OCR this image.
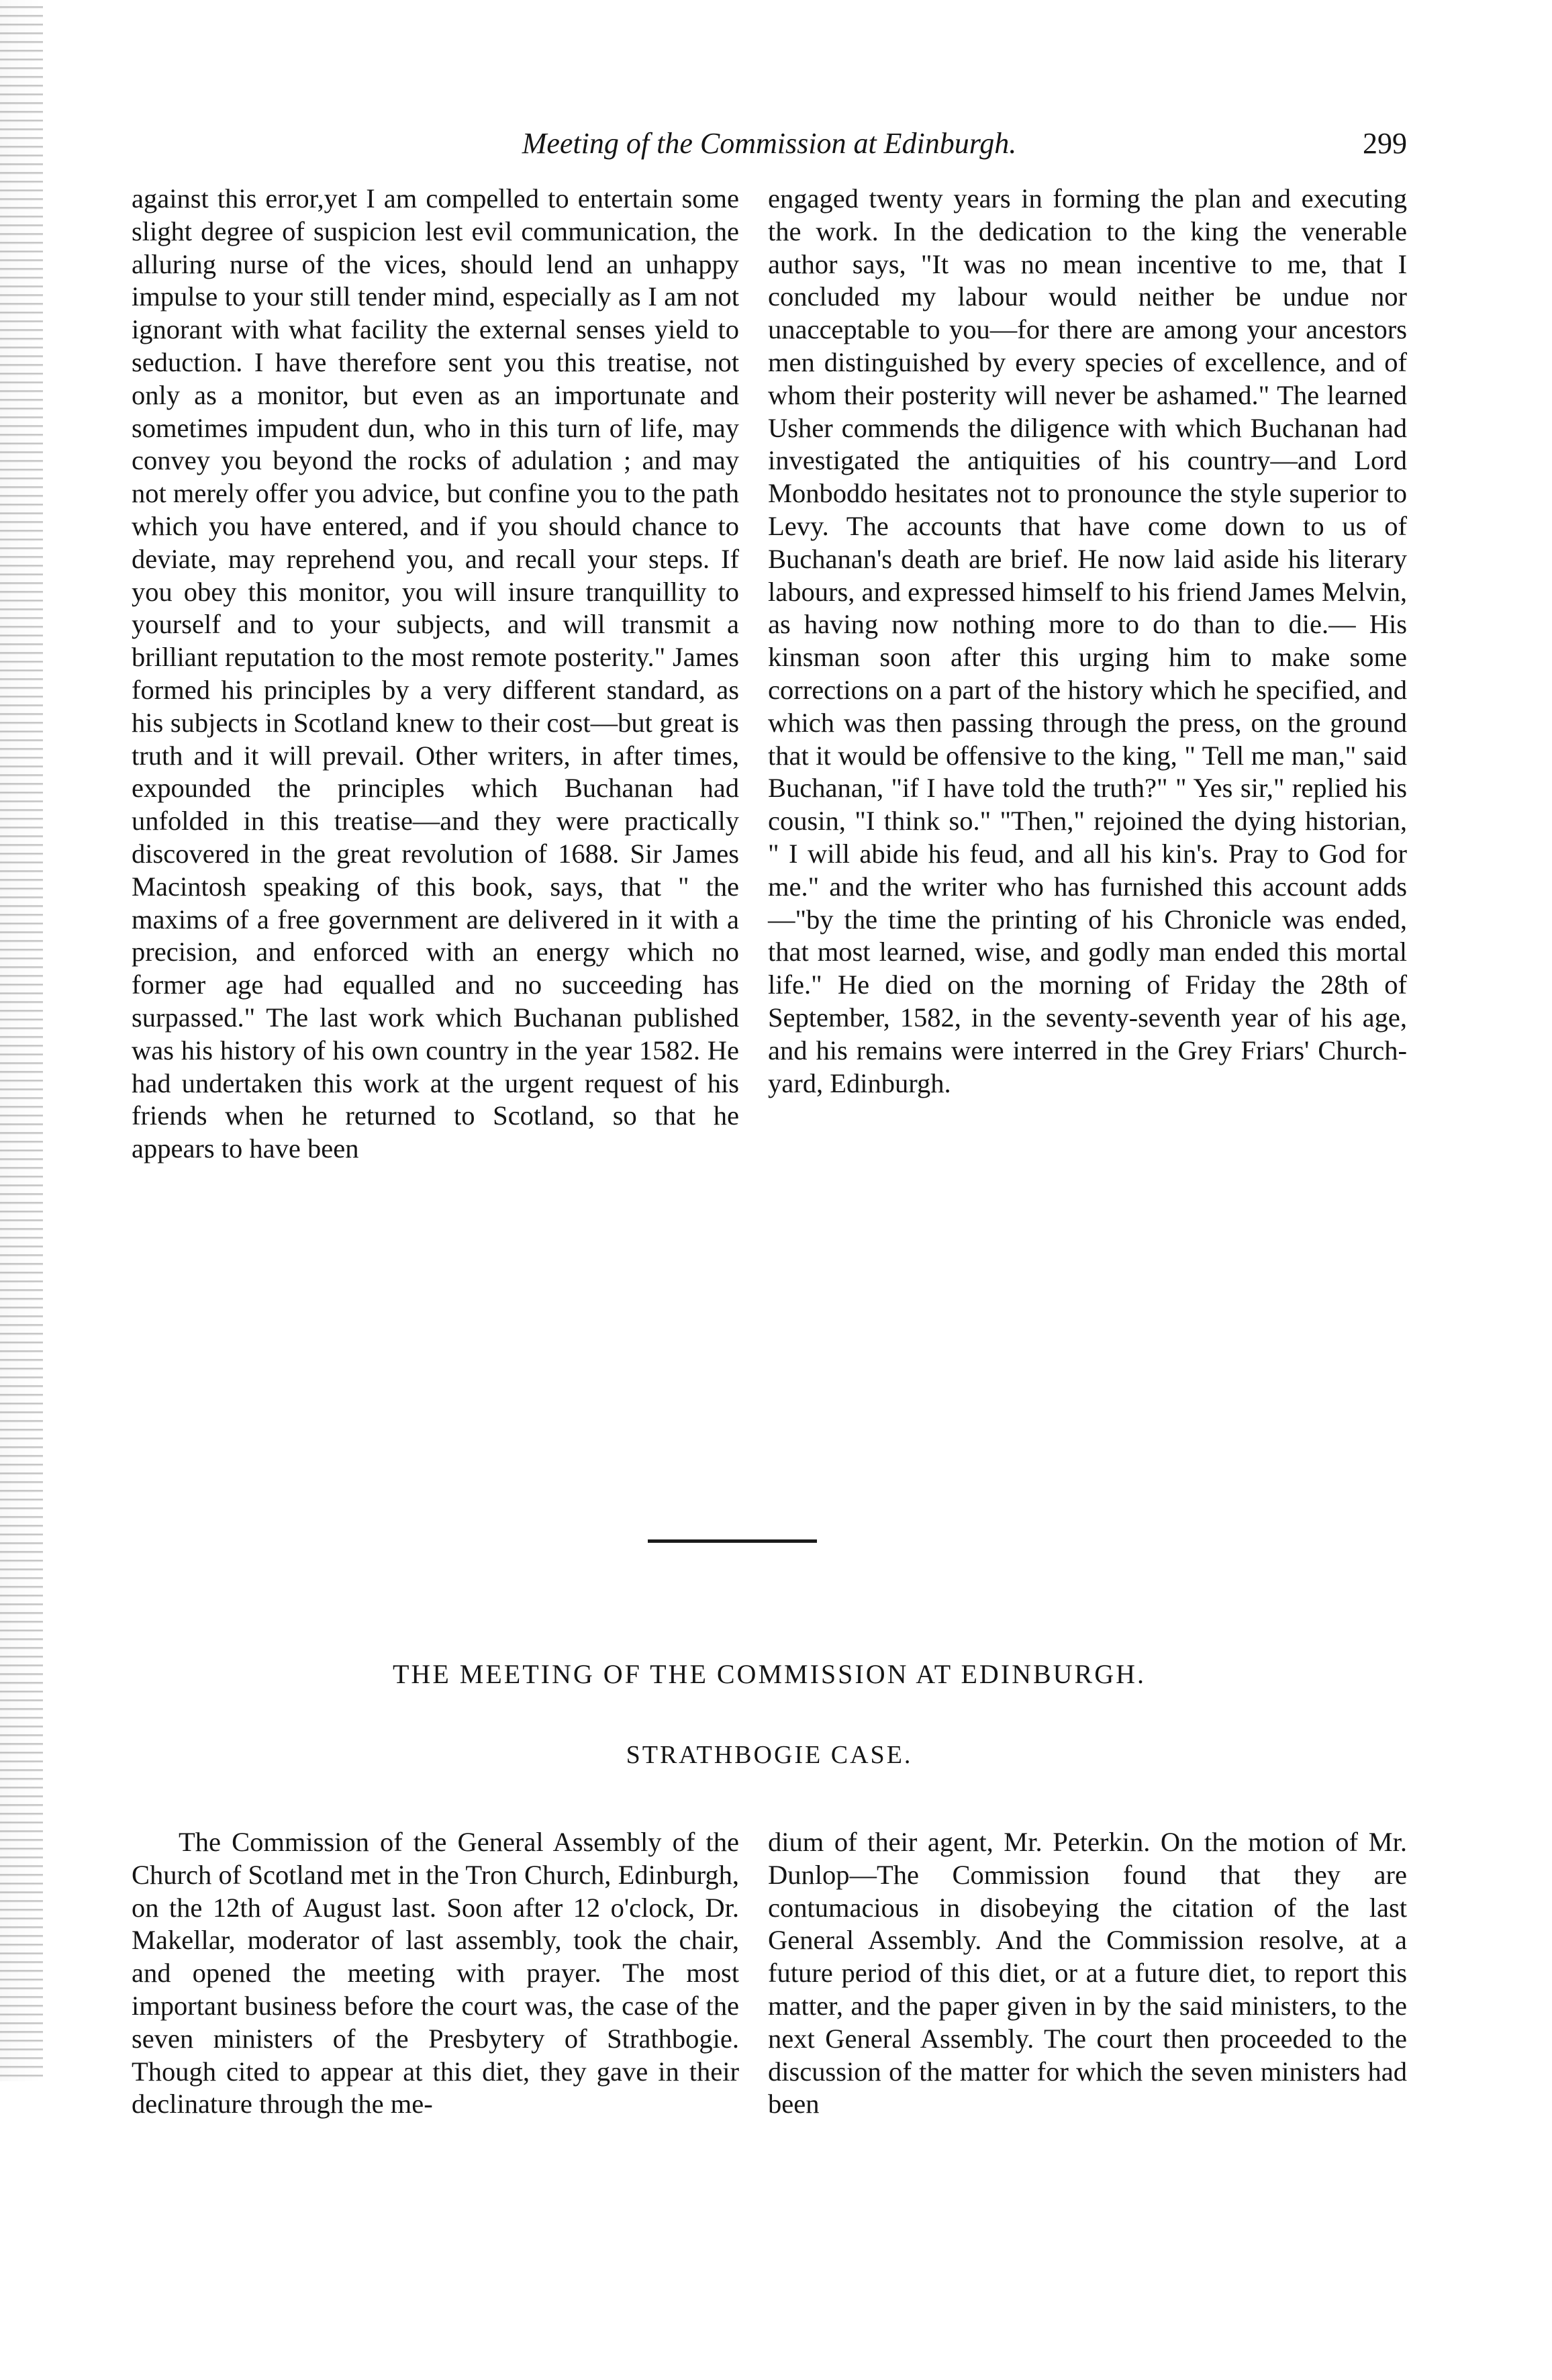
Meeting of the Commission at Edinburgh.	299

against this error,yet I am compelled to entertain some slight degree of suspicion lest evil communication, the alluring nurse of the vices, should lend an unhappy impulse to your still tender mind, especially as I am not ignorant with what facility the external senses yield to seduction. I have therefore sent you this treatise, not only as a monitor, but even as an importunate and sometimes impudent dun, who in this turn of life, may convey you beyond the rocks of adulation ; and may not merely offer you advice, but confine you to the path which you have entered, and if you should chance to deviate, may reprehend you, and recall your steps. If you obey this monitor, you will insure tranquillity to yourself and to your subjects, and will transmit a brilliant reputation to the most remote posterity." James formed his principles by a very different standard, as his subjects in Scotland knew to their cost—but great is truth and it will prevail. Other writers, in after times, expounded the principles which Buchanan had unfolded in this treatise—and they were practically discovered in the great revolution of 1688. Sir James Macintosh speaking of this book, says, that " the maxims of a free government are delivered in it with a precision, and enforced with an energy which no former age had equalled and no succeeding has surpassed." The last work which Buchanan published was his history of his own country in the year 1582. He had undertaken this work at the urgent request of his friends when he returned to Scotland, so that he appears to have been

engaged twenty years in forming the plan and executing the work. In the dedication to the king the venerable author says, "It was no mean incentive to me, that I concluded my labour would neither be undue nor unacceptable to you—for there are among your ancestors men distinguished by every species of excellence, and of whom their posterity will never be ashamed." The learned Usher commends the diligence with which Buchanan had investigated the antiquities of his country—and Lord Monboddo hesitates not to pronounce the style superior to Levy. The accounts that have come down to us of Buchanan's death are brief. He now laid aside his literary labours, and expressed himself to his friend James Melvin, as having now nothing more to do than to die.— His kinsman soon after this urging him to make some corrections on a part of the history which he specified, and which was then passing through the press, on the ground that it would be offensive to the king, " Tell me man," said Buchanan, "if I have told the truth?" " Yes sir," replied his cousin, "I think so." "Then," rejoined the dying historian, " I will abide his feud, and all his kin's. Pray to God for me." and the writer who has furnished this account adds—"by the time the printing of his Chronicle was ended, that most learned, wise, and godly man ended this mortal life." He died on the morning of Friday the 28th of September, 1582, in the seventy-seventh year of his age, and his remains were interred in the Grey Friars' Church-yard, Edinburgh.

THE MEETING OF THE COMMISSION AT EDINBURGH.
STRATHBOGIE CASE.

The Commission of the General Assembly of the Church of Scotland met in the Tron Church, Edinburgh, on the 12th of August last. Soon after 12 o'clock, Dr. Makellar, moderator of last assembly, took the chair, and opened the meeting with prayer. The most important business before the court was, the case of the seven ministers of the Presbytery of Strathbogie. Though cited to appear at this diet, they gave in their declinature through the me-

dium of their agent, Mr. Peterkin. On the motion of Mr. Dunlop—The Commission found that they are contumacious in disobeying the citation of the last General Assembly. And the Commission resolve, at a future period of this diet, or at a future diet, to report this matter, and the paper given in by the said ministers, to the next General Assembly. The court then proceeded to the discussion of the matter for which the seven ministers had been
